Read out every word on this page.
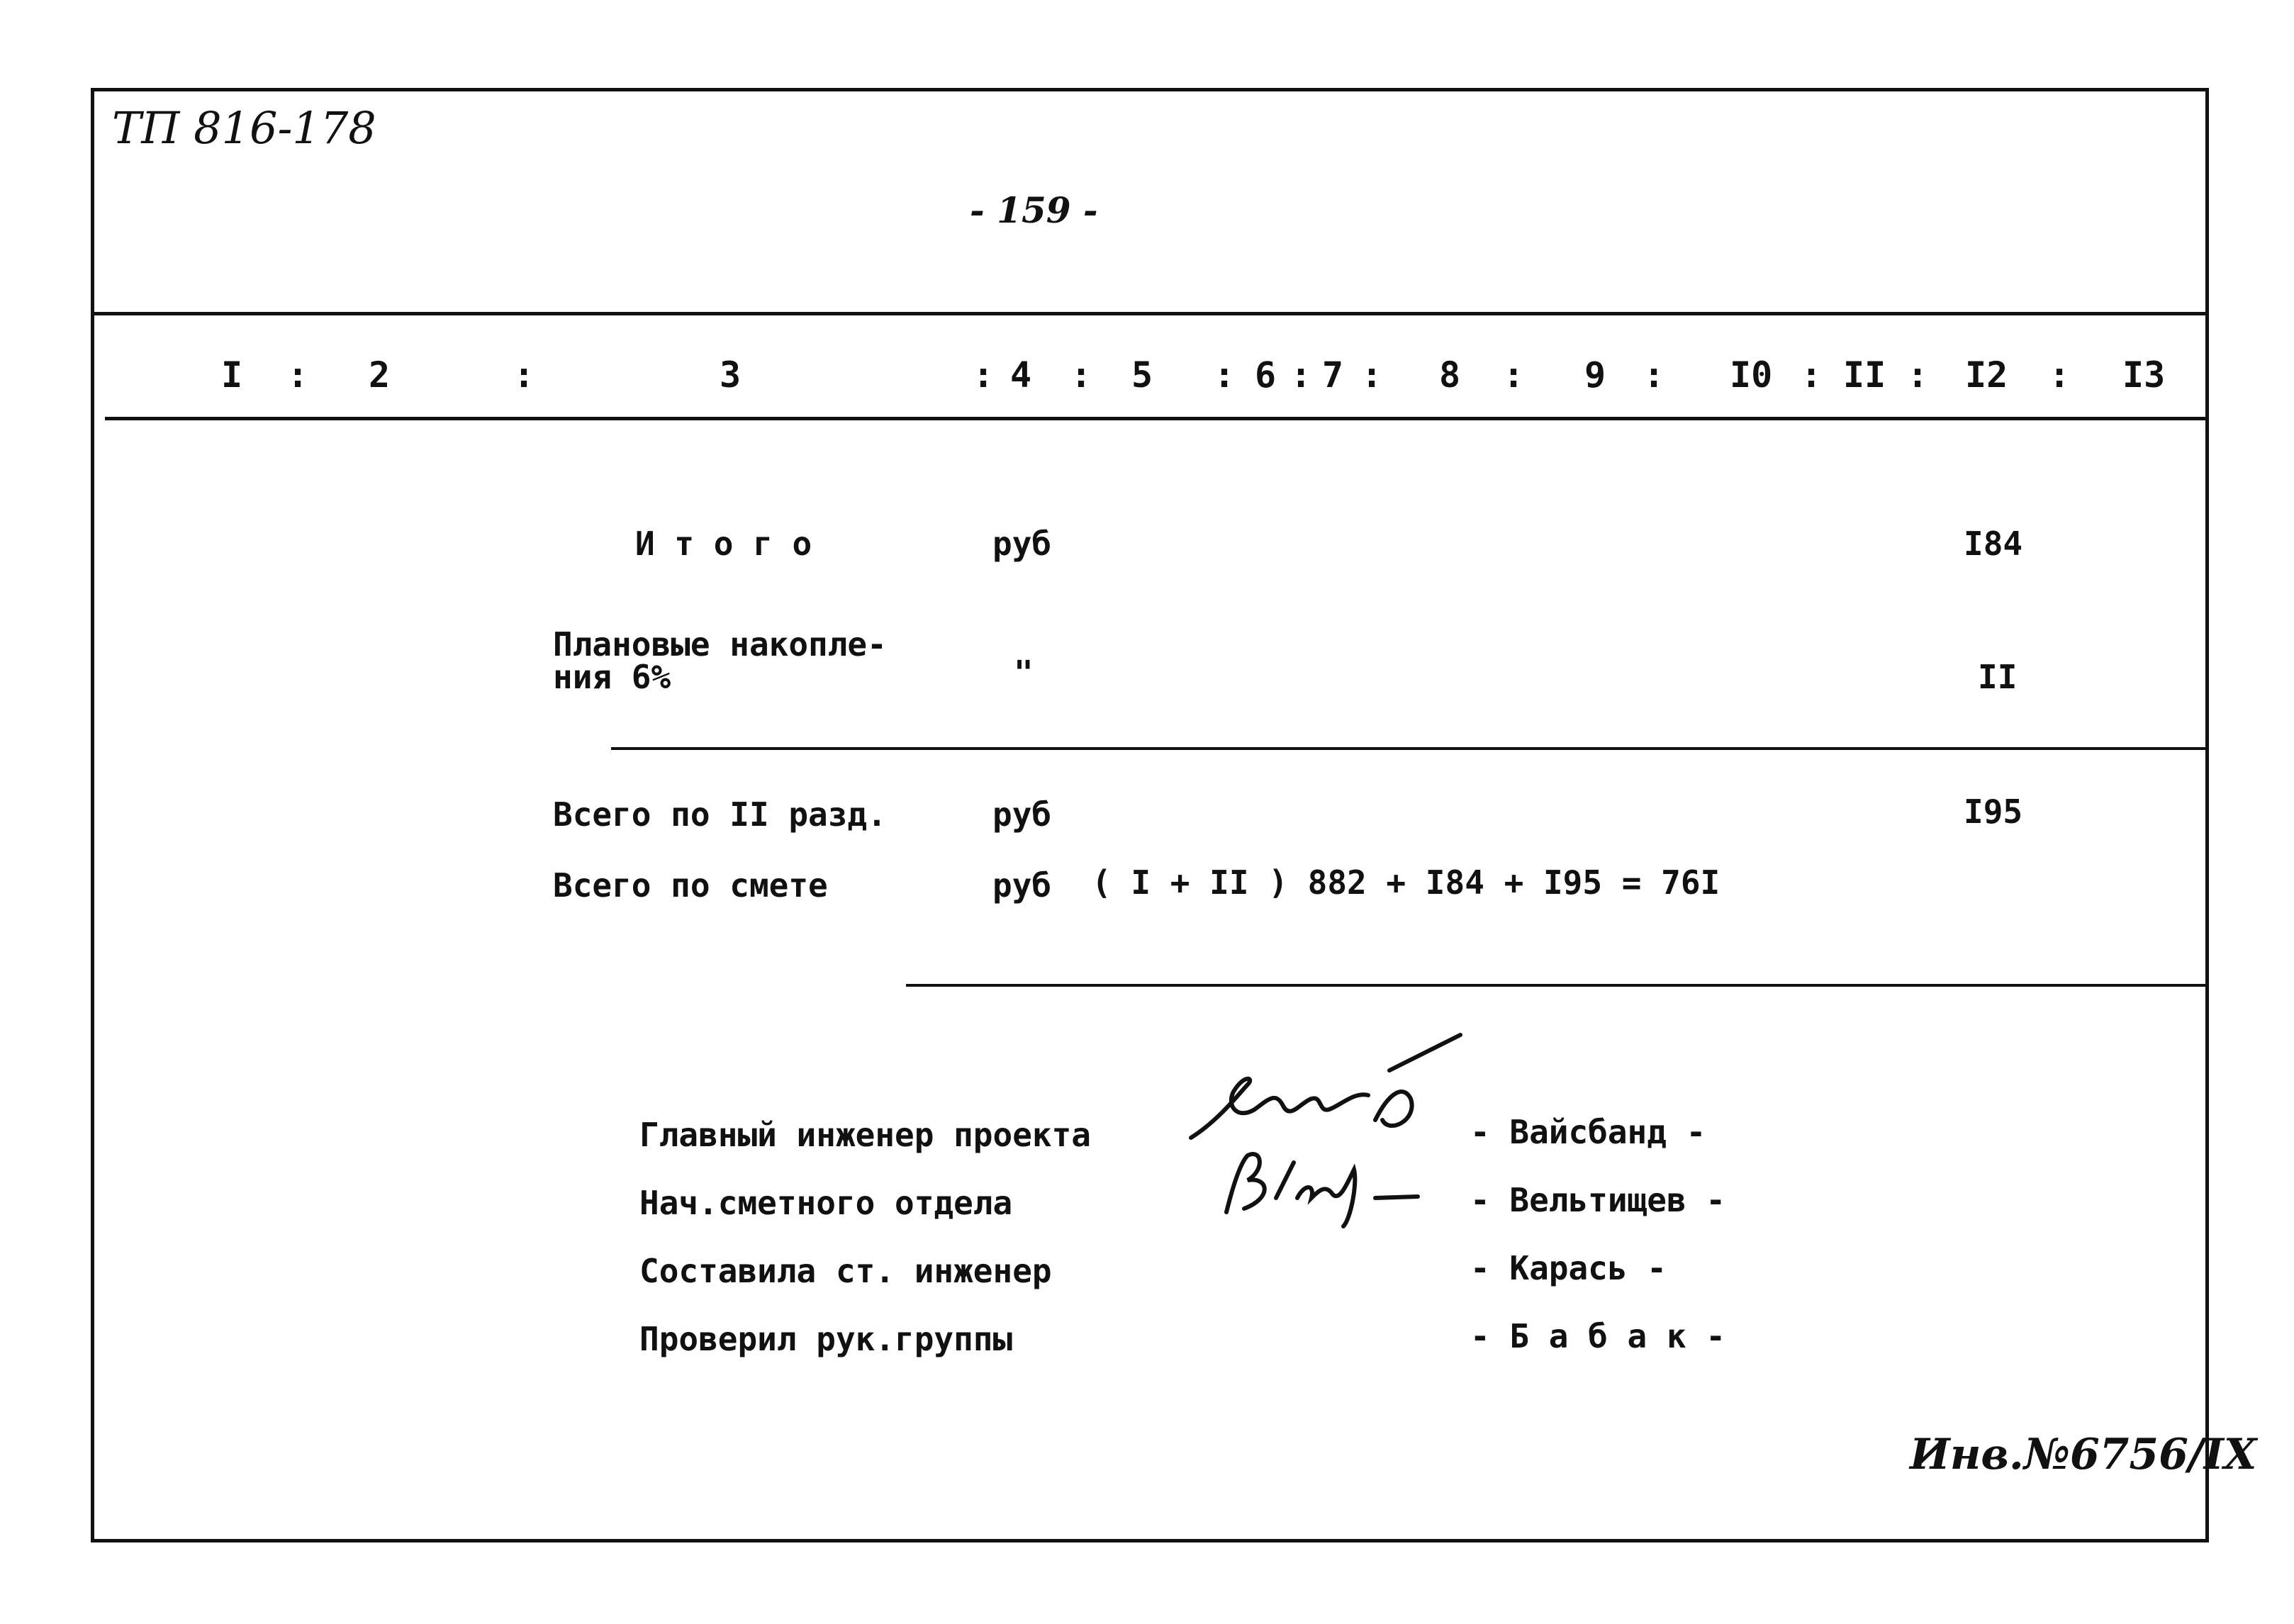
ТП 816-178
- 159 -
I : 2	:	3	: 4 : 5 : 6 : 7 : 8 : 9 : I0 : II : I2 : I3
И т о г о	руб	I84
Плановые накопле-
ния 6%	"	II
Всего по II разд.	руб	I95
Всего по смете	руб ( I + II ) 882 + I84 + I95 = 76I
Главный инженер проекта	- Вайсбанд -
Нач.сметного отдела	- Вельтищев -
Составила ст. инженер	- Карась -
Проверил рук.группы	- Б а б а к -
Инв.№6756/IX
